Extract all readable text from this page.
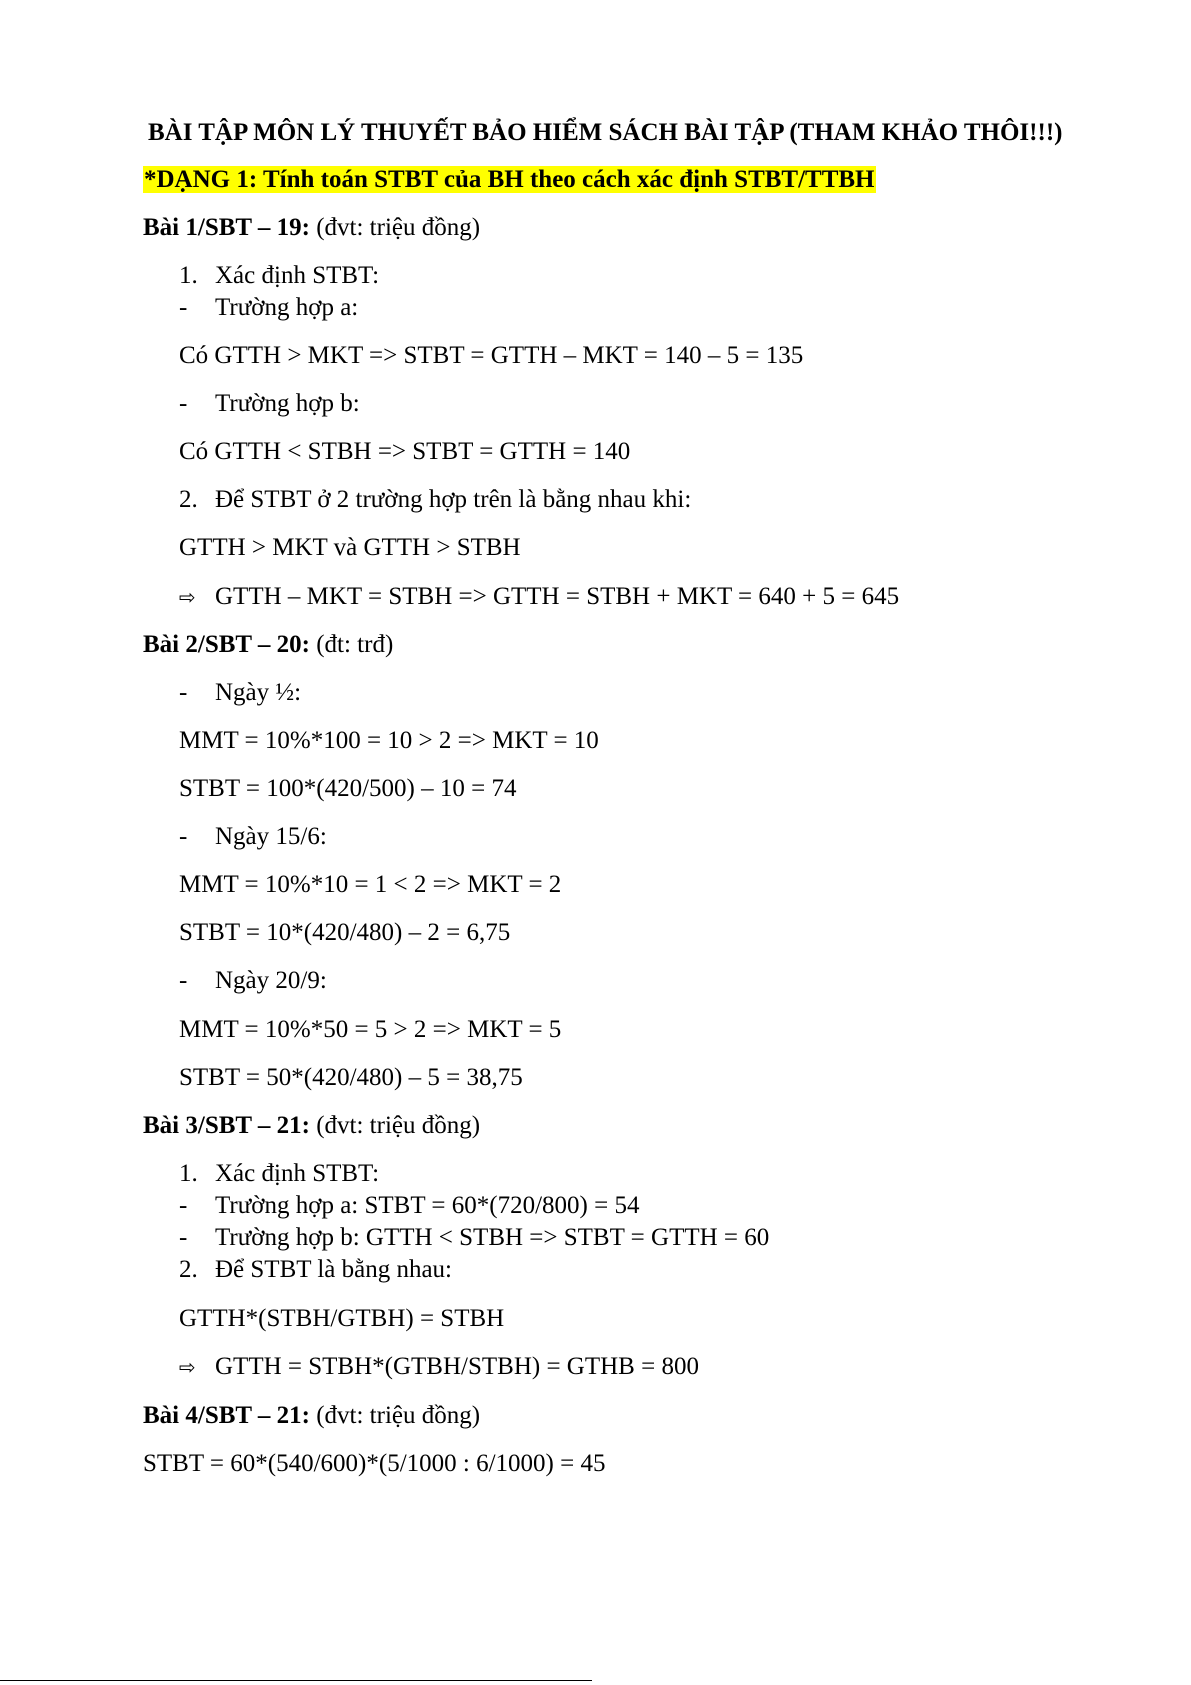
BÀI TẬP MÔN LÝ THUYẾT BẢO HIỂM SÁCH BÀI TẬP (THAM KHẢO THÔI!!!)
*DẠNG 1: Tính toán STBT của BH theo cách xác định STBT/TTBH
Bài 1/SBT – 19: (đvt: triệu đồng)
1. Xác định STBT:
- Trường hợp a:
Có GTTH > MKT => STBT = GTTH – MKT = 140 – 5 = 135
- Trường hợp b:
Có GTTH < STBH => STBT = GTTH = 140
2. Để STBT ở 2 trường hợp trên là bằng nhau khi:
GTTH > MKT và GTTH > STBH
⇨ GTTH – MKT = STBH => GTTH = STBH + MKT = 640 + 5 = 645
Bài 2/SBT – 20: (đt: trđ)
- Ngày ½:
MMT = 10%*100 = 10 > 2 => MKT = 10
STBT = 100*(420/500) – 10 = 74
- Ngày 15/6:
MMT = 10%*10 = 1 < 2 => MKT = 2
STBT = 10*(420/480) – 2 = 6,75
- Ngày 20/9:
MMT = 10%*50 = 5 > 2 => MKT = 5
STBT = 50*(420/480) – 5 = 38,75
Bài 3/SBT – 21: (đvt: triệu đồng)
1. Xác định STBT:
- Trường hợp a: STBT = 60*(720/800) = 54
- Trường hợp b: GTTH < STBH => STBT = GTTH = 60
2. Để STBT là bằng nhau:
GTTH*(STBH/GTBH) = STBH
⇨ GTTH = STBH*(GTBH/STBH) = GTHB = 800
Bài 4/SBT – 21: (đvt: triệu đồng)
STBT = 60*(540/600)*(5/1000 : 6/1000) = 45
